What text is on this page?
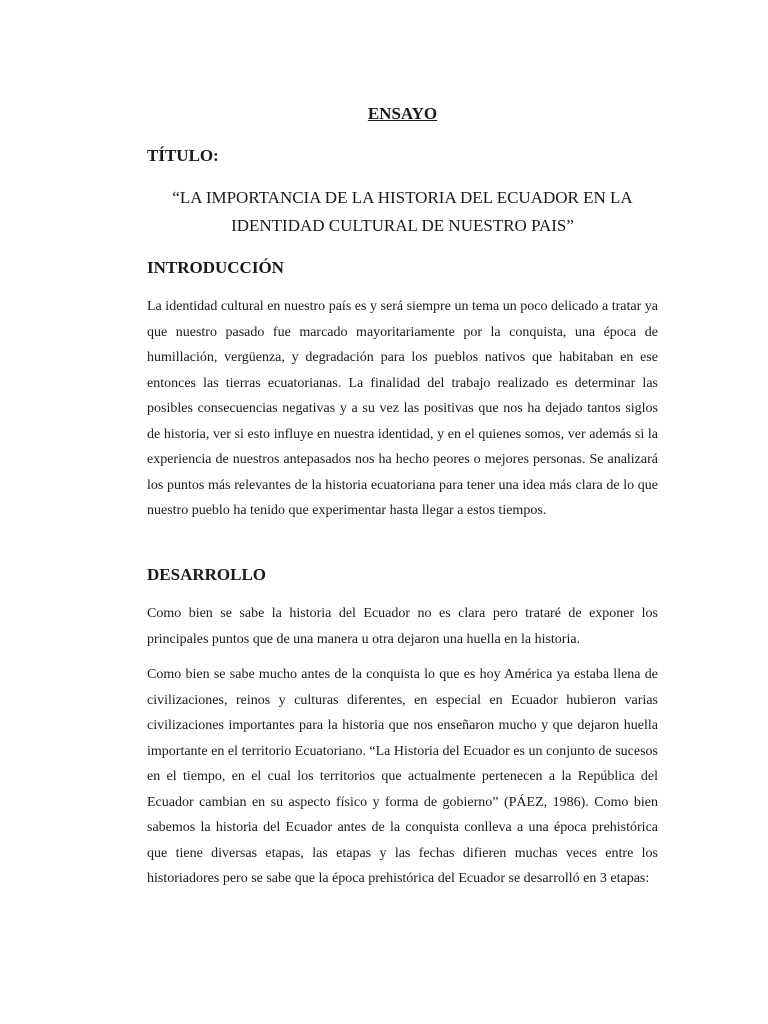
ENSAYO
TÍTULO:
“LA IMPORTANCIA DE LA HISTORIA DEL ECUADOR EN LA IDENTIDAD CULTURAL DE NUESTRO PAIS”
INTRODUCCIÓN

La identidad cultural en nuestro país es y será siempre un tema un poco delicado a tratar ya que nuestro pasado fue marcado mayoritariamente por la conquista, una época de humillación, vergüenza, y degradación para los pueblos nativos que habitaban en ese entonces las tierras ecuatorianas. La finalidad del trabajo realizado es determinar las posibles consecuencias negativas y a su vez las positivas que nos ha dejado tantos siglos de historia, ver si esto influye en nuestra identidad, y en el quienes somos, ver además si la experiencia de nuestros antepasados nos ha hecho peores o mejores personas. Se analizará los puntos más relevantes de la historia ecuatoriana para tener una idea más clara de lo que nuestro pueblo ha tenido que experimentar hasta llegar a estos tiempos.

DESARROLLO

Como bien se sabe la historia del Ecuador no es clara pero trataré de exponer los principales puntos que de una manera u otra dejaron una huella en la historia.

Como bien se sabe mucho antes de la conquista lo que es hoy América ya estaba llena de civilizaciones, reinos y culturas diferentes, en especial en Ecuador hubieron varias civilizaciones importantes para la historia que nos enseñaron mucho y que dejaron huella importante en el territorio Ecuatoriano. “La Historia del Ecuador es un conjunto de sucesos en el tiempo, en el cual los territorios que actualmente pertenecen a la República del Ecuador cambian en su aspecto físico y forma de gobierno” (PÁEZ, 1986). Como bien sabemos la historia del Ecuador antes de la conquista conlleva a una época prehistórica que tiene diversas etapas, las etapas y las fechas difieren muchas veces entre los historiadores pero se sabe que la época prehistórica del Ecuador se desarrolló en 3 etapas:
